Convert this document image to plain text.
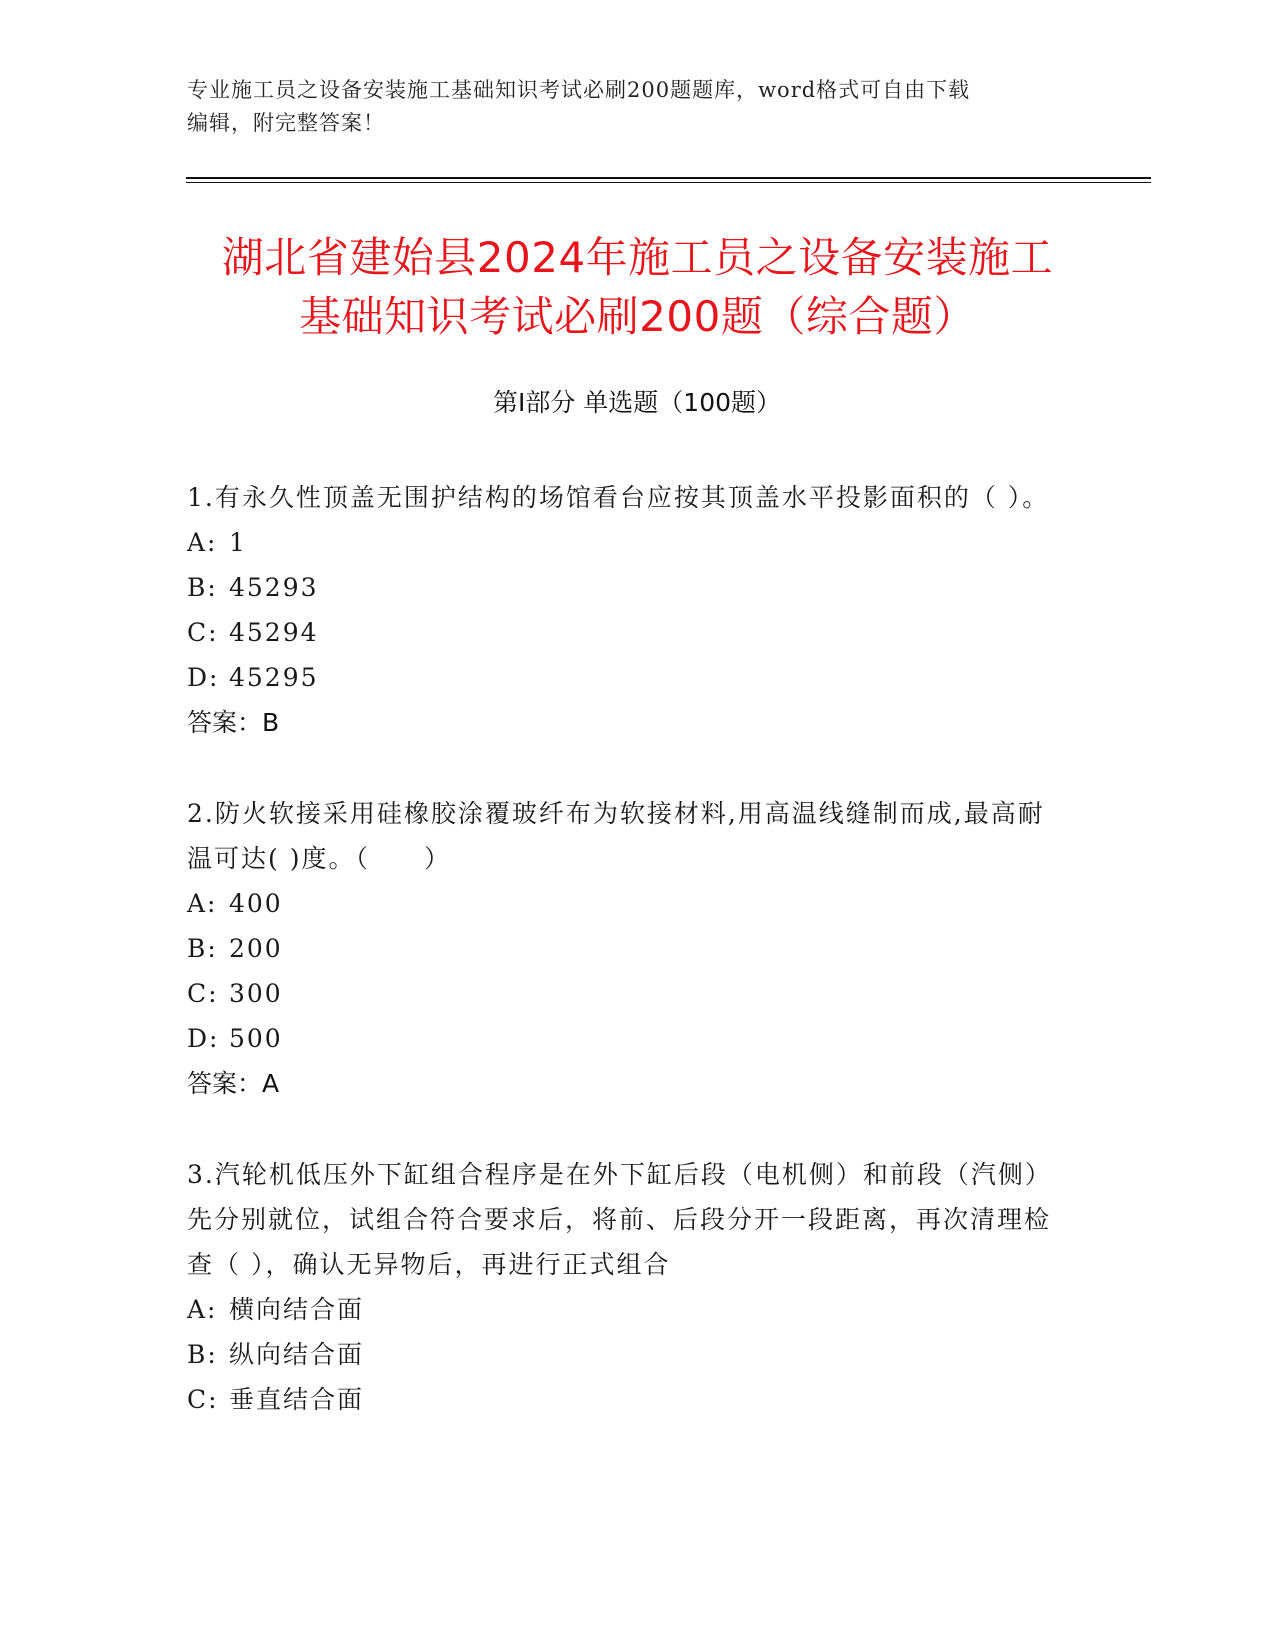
专业施工员之设备安装施工基础知识考试必刷200题题库，word格式可自由下载
编辑，附完整答案！
湖北省建始县2024年施工员之设备安装施工
基础知识考试必刷200题（综合题）
第Ⅰ部分 单选题（100题）
1.有永久性顶盖无围护结构的场馆看台应按其顶盖水平投影面积的（ ）。
A: 1
B: 45293
C: 45294
D: 45295
答案：B
2.防火软接采用硅橡胶涂覆玻纤布为软接材料,用高温线缝制而成,最高耐温可达( )度。（　　）
A: 400
B: 200
C: 300
D: 500
答案：A
3.汽轮机低压外下缸组合程序是在外下缸后段（电机侧）和前段（汽侧）先分别就位，试组合符合要求后，将前、后段分开一段距离，再次清理检查（ ），确认无异物后，再进行正式组合
A: 横向结合面
B: 纵向结合面
C: 垂直结合面
